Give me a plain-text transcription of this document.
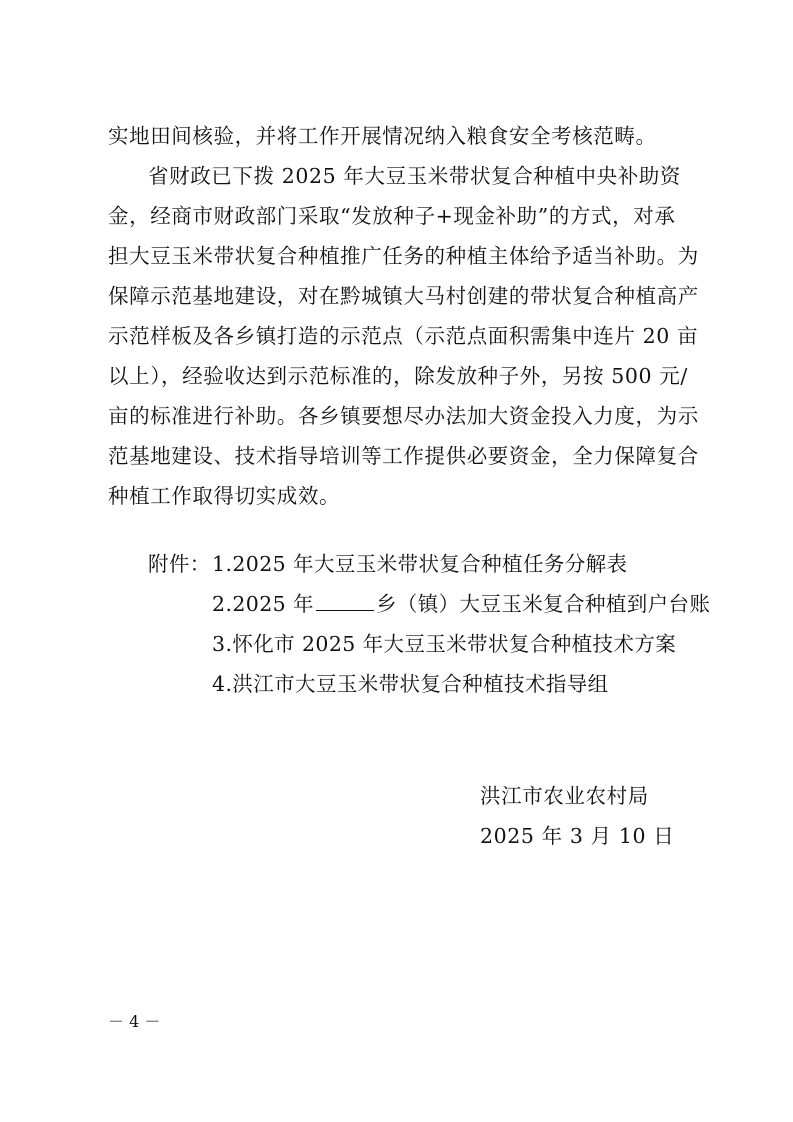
实地田间核验，并将工作开展情况纳入粮食安全考核范畴。
省财政已下拨 2025 年大豆玉米带状复合种植中央补助资
金，经商市财政部门采取“发放种子+现金补助”的方式，对承
担大豆玉米带状复合种植推广任务的种植主体给予适当补助。为
保障示范基地建设，对在黔城镇大马村创建的带状复合种植高产
示范样板及各乡镇打造的示范点（示范点面积需集中连片 20 亩
以上），经验收达到示范标准的，除发放种子外，另按 500 元/
亩的标准进行补助。各乡镇要想尽办法加大资金投入力度，为示
范基地建设、技术指导培训等工作提供必要资金，全力保障复合
种植工作取得切实成效。
附件： 1.2025 年大豆玉米带状复合种植任务分解表
2.2025 年	乡（镇）大豆玉米复合种植到户台账
3.怀化市 2025 年大豆玉米带状复合种植技术方案
4.洪江市大豆玉米带状复合种植技术指导组
洪江市农业农村局
2025 年 3 月 10 日
－ 4 －
